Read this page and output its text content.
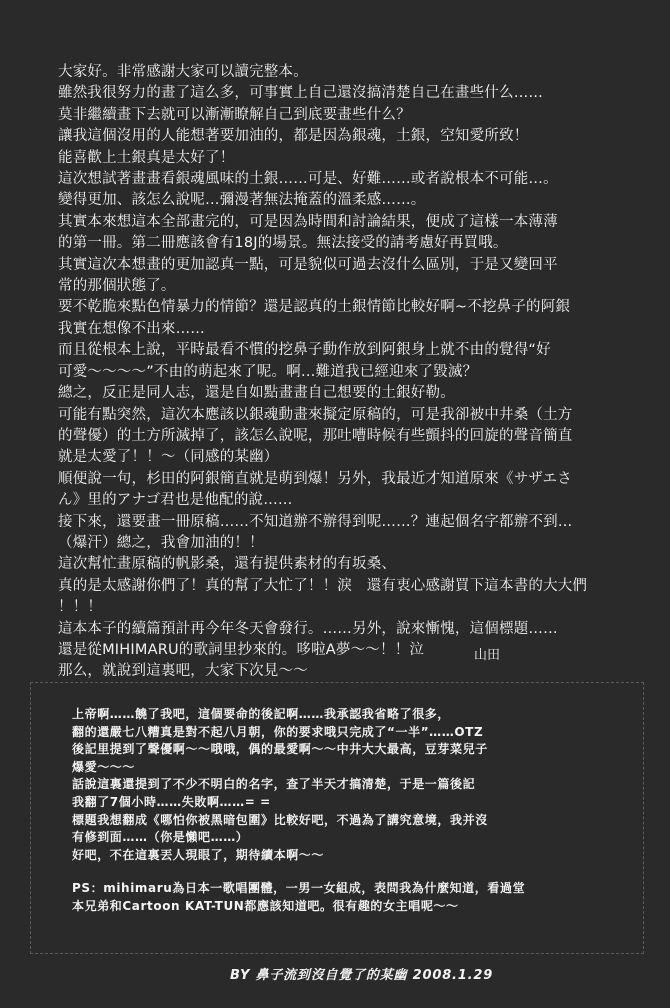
大家好。非常感謝大家可以讀完整本。

雖然我很努力的畫了這么多，可事實上自己還沒搞清楚自己在畫些什么……

莫非繼續畫下去就可以漸漸瞭解自己到底要畫些什么？

讓我這個沒用的人能想著要加油的，都是因為銀魂，土銀，空知愛所致！

能喜歡上土銀真是太好了！

這次想試著畫畫看銀魂風味的土銀……可是、好難……或者說根本不可能…。

變得更加、該怎么說呢…彌漫著無法掩蓋的溫柔感……。

其實本來想這本全部畫完的，可是因為時間和討論結果，便成了這樣一本薄薄

的第一冊。第二冊應該會有18J的場景。無法接受的請考慮好再買哦。

其實這次本想畫的更加認真一點，可是貌似可過去沒什么區別，于是又變回平

常的那個狀態了。

要不乾脆來點色情暴力的情節？還是認真的土銀情節比較好啊~不挖鼻子的阿銀

我實在想像不出來……

而且從根本上說，平時最看不慣的挖鼻子動作放到阿銀身上就不由的覺得“好

可愛～～～～”不由的萌起來了呢。啊…難道我已經迎來了毀滅？

總之，反正是同人志，還是自如點畫畫自己想要的土銀好勒。

可能有點突然，這次本應該以銀魂動畫來擬定原稿的，可是我卻被中井桑（土方

的聲優）的土方所滅掉了，該怎么說呢，那吐嘈時候有些顫抖的回旋的聲音簡直

就是太愛了！！～（同感的某幽）

順便說一句，杉田的阿銀簡直就是萌到爆！另外，我最近才知道原來《サザエさ

ん》里的アナゴ君也是他配的說……

接下來，還要畫一冊原稿……不知道辦不辦得到呢……？連起個名字都辦不到…

（爆汗）總之，我會加油的！！

這次幫忙畫原稿的帆影桑，還有提供素材的有坂桑、

真的是太感謝你們了！真的幫了大忙了！！淚　還有衷心感謝買下這本書的大大們

！！！

這本本子的續篇預計再今年冬天會發行。……另外，說來慚愧，這個標題……

還是從MIHIMARU的歌詞里抄來的。哆啦A夢～～！！泣

那么，就說到這裏吧，大家下次見～～

山田

上帝啊……饒了我吧，這個要命的後記啊……我承認我省略了很多，

翻的還嚴七八糟真是對不起八月朝，你的要求哦只完成了“一半”……OTZ

後記里提到了聲優啊～～哦哦，偶的最愛啊～～中井大大最高，豆芽菜兒子

爆愛～～～

話說這裏還提到了不少不明白的名字，查了半天才搞清楚，于是一篇後記

我翻了7個小時……失敗啊……= =

標題我想翻成《哪怕你被黑暗包圍》比較好吧，不過為了講究意境，我并沒

有修到面……（你是懶吧……）

好吧，不在這裏丟人現眼了，期待續本啊～～

PS：mihimaru為日本一歌唱團體，一男一女組成，表問我為什麼知道，看過堂

本兄弟和Cartoon KAT-TUN都應該知道吧。很有趣的女主唱呢～～

BY 鼻子流到沒自覺了的某幽 2008.1.29
